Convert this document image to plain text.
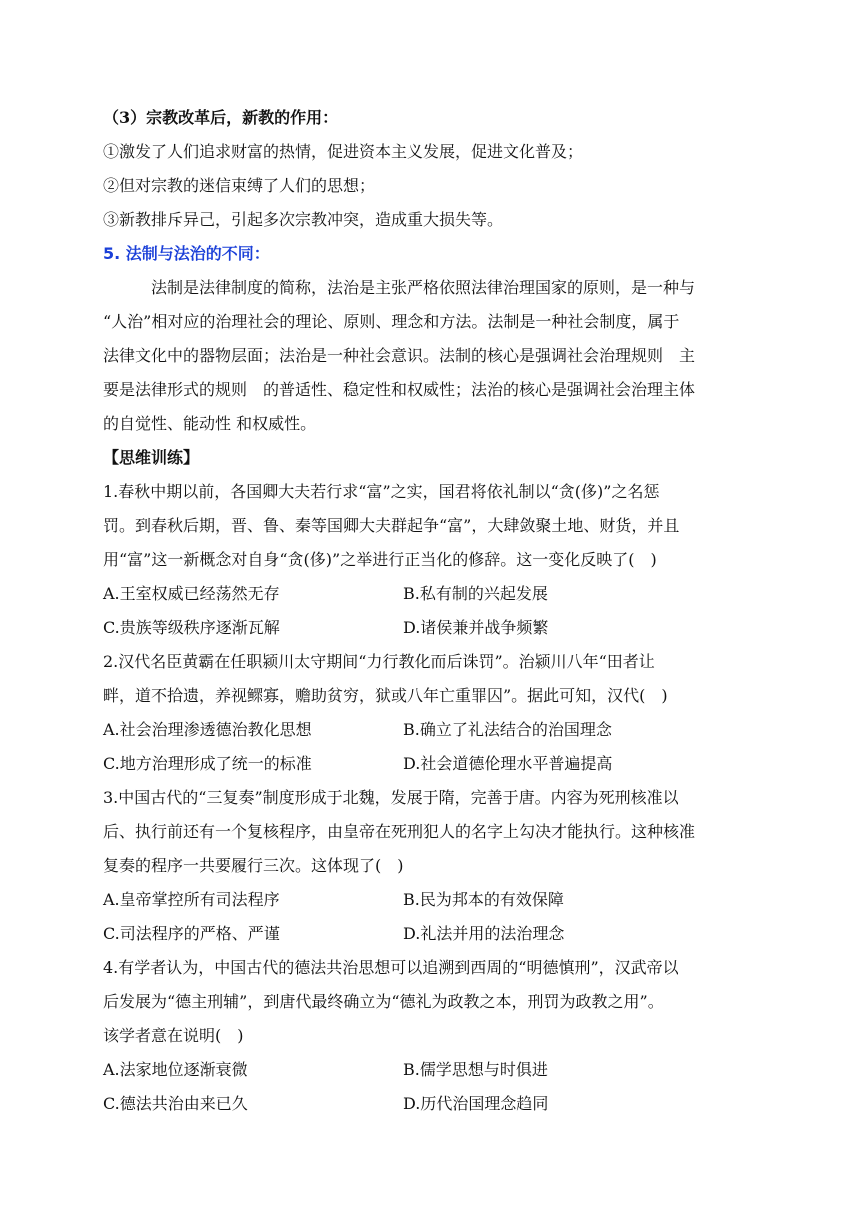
（3）宗教改革后，新教的作用：
①激发了人们追求财富的热情，促进资本主义发展，促进文化普及；
②但对宗教的迷信束缚了人们的思想；
③新教排斥异己，引起多次宗教冲突，造成重大损失等。
5. 法制与法治的不同：
法制是法律制度的简称，法治是主张严格依照法律治理国家的原则，是一种与
“人治”相对应的治理社会的理论、原则、理念和方法。法制是一种社会制度，属于
法律文化中的器物层面；法治是一种社会意识。法制的核心是强调社会治理规则　主
要是法律形式的规则　的普适性、稳定性和权威性；法治的核心是强调社会治理主体
的自觉性、能动性 和权威性。
【思维训练】
1.春秋中期以前，各国卿大夫若行求“富”之实，国君将依礼制以“贪(侈)”之名惩
罚。到春秋后期，晋、鲁、秦等国卿大夫群起争“富”，大肆敛聚土地、财货，并且
用“富”这一新概念对自身“贪(侈)”之举进行正当化的修辞。这一变化反映了(　)
A.王室权威已经荡然无存	B.私有制的兴起发展
C.贵族等级秩序逐渐瓦解	D.诸侯兼并战争频繁
2.汉代名臣黄霸在任职颍川太守期间“力行教化而后诛罚”。治颍川八年“田者让
畔，道不拾遗，养视鳏寡，赡助贫穷，狱或八年亡重罪囚”。据此可知，汉代(　)
A.社会治理渗透德治教化思想	B.确立了礼法结合的治国理念
C.地方治理形成了统一的标准	D.社会道德伦理水平普遍提高
3.中国古代的“三复奏”制度形成于北魏，发展于隋，完善于唐。内容为死刑核准以
后、执行前还有一个复核程序，由皇帝在死刑犯人的名字上勾决才能执行。这种核准
复奏的程序一共要履行三次。这体现了(　)
A.皇帝掌控所有司法程序	B.民为邦本的有效保障
C.司法程序的严格、严谨	D.礼法并用的法治理念
4.有学者认为，中国古代的德法共治思想可以追溯到西周的“明德慎刑”，汉武帝以
后发展为“德主刑辅”，到唐代最终确立为“德礼为政教之本，刑罚为政教之用”。
该学者意在说明(　)
A.法家地位逐渐衰微	B.儒学思想与时俱进
C.德法共治由来已久	D.历代治国理念趋同
